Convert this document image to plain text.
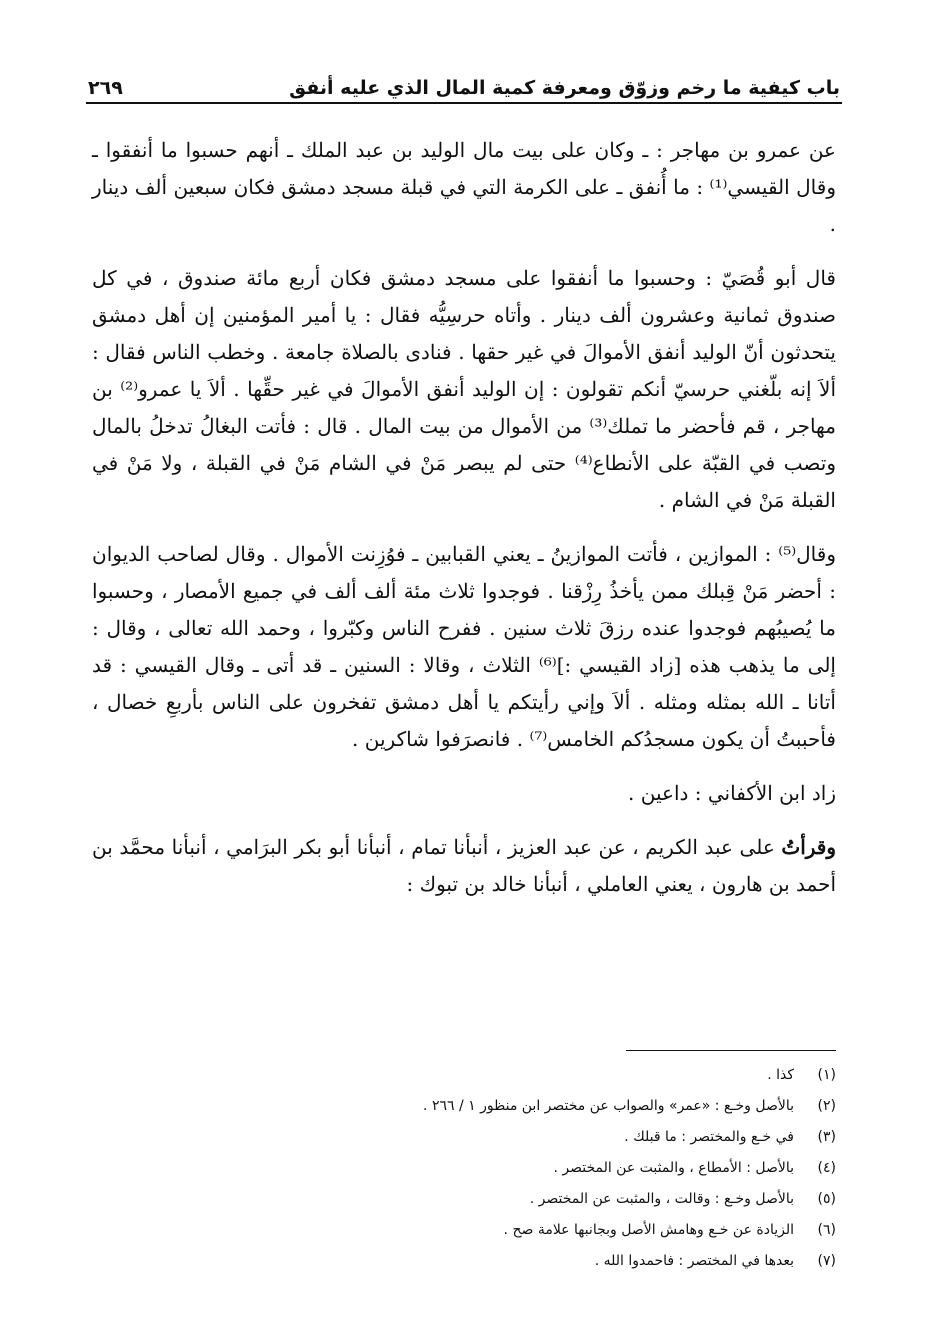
باب كيفية ما رخم وزوّق ومعرفة كمية المال الذي عليه أنفق
٢٦٩

عن عمرو بن مهاجر : ـ وكان على بيت مال الوليد بن عبد الملك ـ أنهم حسبوا ما أنفقوا ـ وقال القيسي⁽¹⁾ : ما أُنفق ـ على الكرمة التي في قبلة مسجد دمشق فكان سبعين ألف دينار .

قال أبو قُصَيّ : وحسبوا ما أنفقوا على مسجد دمشق فكان أربع مائة صندوق ، في كل صندوق ثمانية وعشرون ألف دينار . وأتاه حرسِيُّه فقال : يا أمير المؤمنين إن أهل دمشق يتحدثون أنّ الوليد أنفق الأموالَ في غير حقها . فنادى بالصلاة جامعة . وخطب الناس فقال : ألاَ إنه بلّغني حرسيّ أنكم تقولون : إن الوليد أنفق الأموالَ في غير حقِّها . ألاَ يا عمرو⁽²⁾ بن مهاجر ، قم فأحضر ما تملك⁽³⁾ من الأموال من بيت المال . قال : فأتت البغالُ تدخلُ بالمال وتصب في القبّة على الأنطاع⁽⁴⁾ حتى لم يبصر مَنْ في الشام مَنْ في القبلة ، ولا مَنْ في القبلة مَنْ في الشام .

وقال⁽⁵⁾ : الموازين ، فأتت الموازينُ ـ يعني القبابين ـ فوُزِنت الأموال . وقال لصاحب الديوان : أحضر مَنْ قِبلك ممن يأخذُ رِزْقنا . فوجدوا ثلاث مئة ألف ألف في جميع الأمصار ، وحسبوا ما يُصيبُهم فوجدوا عنده رزقَ ثلاث سنين . ففرح الناس وكبّروا ، وحمد الله تعالى ، وقال : إلى ما يذهب هذه [زاد القيسي :]⁽⁶⁾ الثلاث ، وقالا : السنين ـ قد أتى ـ وقال القيسي : قد أتانا ـ الله بمثله ومثله . ألاَ وإني رأيتكم يا أهل دمشق تفخرون على الناس بأربعِ خصال ، فأحببتُ أن يكون مسجدُكم الخامس⁽⁷⁾ . فانصرَفوا شاكرين .

زاد ابن الأكفاني : داعين .

وقرأتُ على عبد الكريم ، عن عبد العزيز ، أنبأنا تمام ، أنبأنا أبو بكر البرَامي ، أنبأنا محمَّد بن أحمد بن هارون ، يعني العاملي ، أنبأنا خالد بن تبوك :

(١)
كذا .
(٢)
بالأصل وخـع : «عمر» والصواب عن مختصر ابن منظور ١ / ٢٦٦ .
(٣)
في خـع والمختصر : ما قبلك .
(٤)
بالأصل : الأمطاع ، والمثبت عن المختصر .
(٥)
بالأصل وخـع : وقالت ، والمثبت عن المختصر .
(٦)
الزيادة عن خـع وهامش الأصل وبجانبها علامة صح .
(٧)
بعدها في المختصر : فاحمدوا الله .
